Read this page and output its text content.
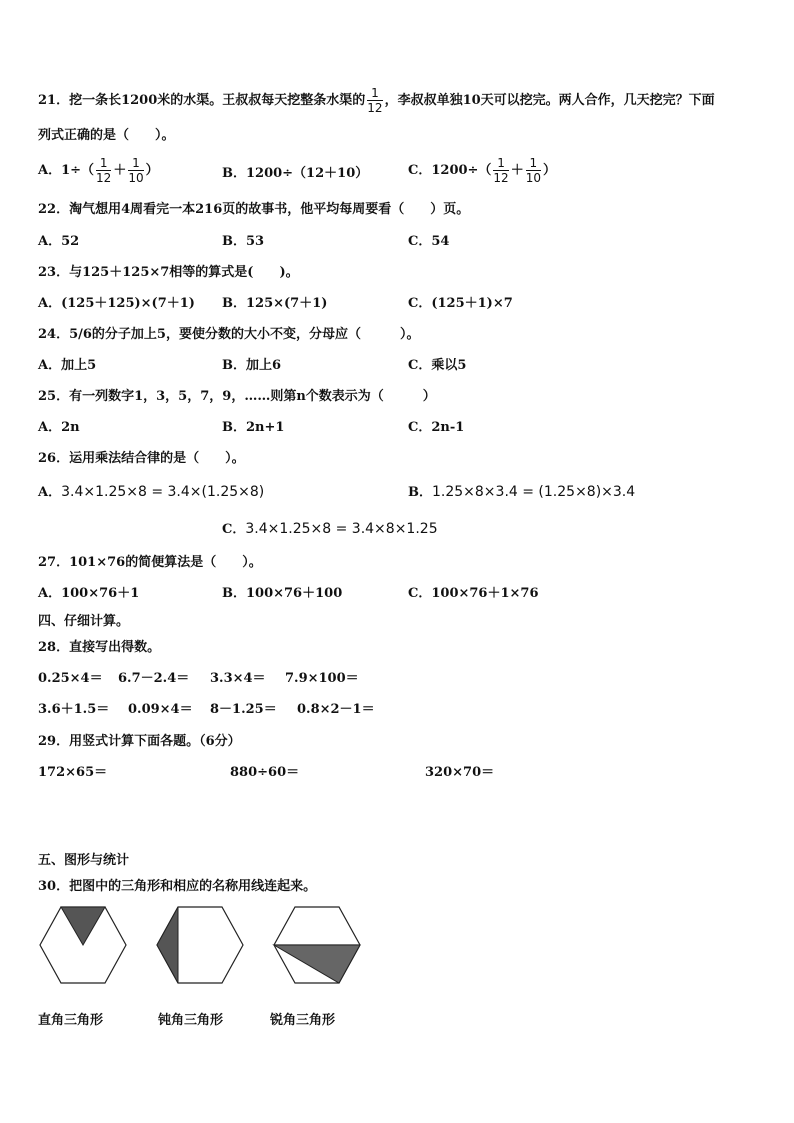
21．挖一条长1200米的水渠。王叔叔每天挖整条水渠的 $\frac{1}{12}$ ，李叔叔单独10天可以挖完。两人合作，几天挖完？下面
列式正确的是（　　）。
A．$1\div( \frac{1}{12} + \frac{1}{10}$ ）	B．1200÷（12＋10）	C．$1200\div( \frac{1}{12} + \frac{1}{10}$ ）
22．淘气想用4周看完一本216页的故事书，他平均每周要看（　　）页。
A．52	B．53	C．54
23．与125＋125×7相等的算式是(　　)。
A．(125＋125)×(7＋1) B．125×(7＋1)	C．(125＋1)×7
24．5/6的分子加上5，要使分数的大小不变，分母应（　　　）。
A．加上5	B．加上6	C．乘以5
25．有一列数字1，3，5，7，9，……则第n个数表示为（　　　）
A．2n	B．2n+1	C．2n-1
26．运用乘法结合律的是（　　）。
A．3.4×1.25×8 = 3.4×(1.25×8)	B．1.25×8×3.4 = (1.25×8)×3.4
C．3.4×1.25×8 = 3.4×8×1.25
27．101×76的简便算法是（　　）。
A．100×76＋1	B．100×76＋100	C．100×76＋1×76
四、仔细计算。
28．直接写出得数。
0.25×4＝ 6.7－2.4＝ 3.3×4＝ 7.9×100＝
3.6＋1.5＝ 0.09×4＝ 8－1.25＝ 0.8×2－1＝
29．用竖式计算下面各题。（6分）
172×65＝	880÷60＝	320×70＝
五、图形与统计
30．把图中的三角形和相应的名称用线连起来。
直角三角形	钝角三角形	锐角三角形
